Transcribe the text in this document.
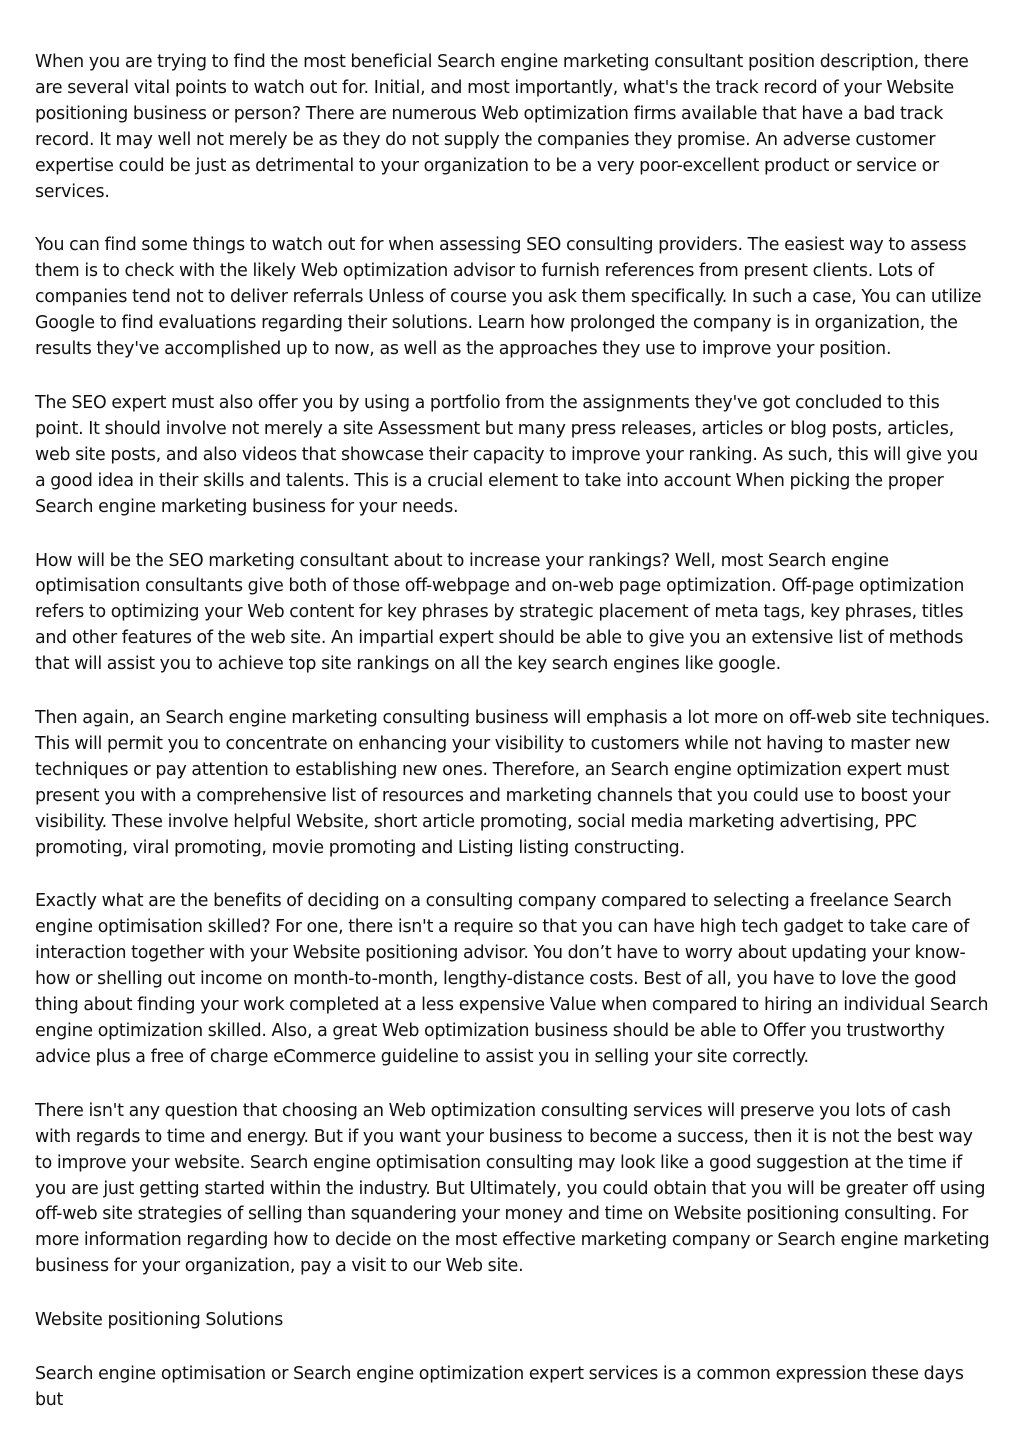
When you are trying to find the most beneficial Search engine marketing consultant position description, there are several vital points to watch out for. Initial, and most importantly, what's the track record of your Website positioning business or person? There are numerous Web optimization firms available that have a bad track record. It may well not merely be as they do not supply the companies they promise. An adverse customer expertise could be just as detrimental to your organization to be a very poor-excellent product or service or services.

You can find some things to watch out for when assessing SEO consulting providers. The easiest way to assess them is to check with the likely Web optimization advisor to furnish references from present clients. Lots of companies tend not to deliver referrals Unless of course you ask them specifically. In such a case, You can utilize Google to find evaluations regarding their solutions. Learn how prolonged the company is in organization, the results they've accomplished up to now, as well as the approaches they use to improve your position.

The SEO expert must also offer you by using a portfolio from the assignments they've got concluded to this point. It should involve not merely a site Assessment but many press releases, articles or blog posts, articles, web site posts, and also videos that showcase their capacity to improve your ranking. As such, this will give you a good idea in their skills and talents. This is a crucial element to take into account When picking the proper Search engine marketing business for your needs.

How will be the SEO marketing consultant about to increase your rankings? Well, most Search engine optimisation consultants give both of those off-webpage and on-web page optimization. Off-page optimization refers to optimizing your Web content for key phrases by strategic placement of meta tags, key phrases, titles and other features of the web site. An impartial expert should be able to give you an extensive list of methods that will assist you to achieve top site rankings on all the key search engines like google.

Then again, an Search engine marketing consulting business will emphasis a lot more on off-web site techniques. This will permit you to concentrate on enhancing your visibility to customers while not having to master new techniques or pay attention to establishing new ones. Therefore, an Search engine optimization expert must present you with a comprehensive list of resources and marketing channels that you could use to boost your visibility. These involve helpful Website, short article promoting, social media marketing advertising, PPC promoting, viral promoting, movie promoting and Listing listing constructing.

Exactly what are the benefits of deciding on a consulting company compared to selecting a freelance Search engine optimisation skilled? For one, there isn't a require so that you can have high tech gadget to take care of interaction together with your Website positioning advisor. You don’t have to worry about updating your know-how or shelling out income on month-to-month, lengthy-distance costs. Best of all, you have to love the good thing about finding your work completed at a less expensive Value when compared to hiring an individual Search engine optimization skilled. Also, a great Web optimization business should be able to Offer you trustworthy advice plus a free of charge eCommerce guideline to assist you in selling your site correctly.

There isn't any question that choosing an Web optimization consulting services will preserve you lots of cash with regards to time and energy. But if you want your business to become a success, then it is not the best way to improve your website. Search engine optimisation consulting may look like a good suggestion at the time if you are just getting started within the industry. But Ultimately, you could obtain that you will be greater off using off-web site strategies of selling than squandering your money and time on Website positioning consulting. For more information regarding how to decide on the most effective marketing company or Search engine marketing business for your organization, pay a visit to our Web site.

Website positioning Solutions

Search engine optimisation or Search engine optimization expert services is a common expression these days but
